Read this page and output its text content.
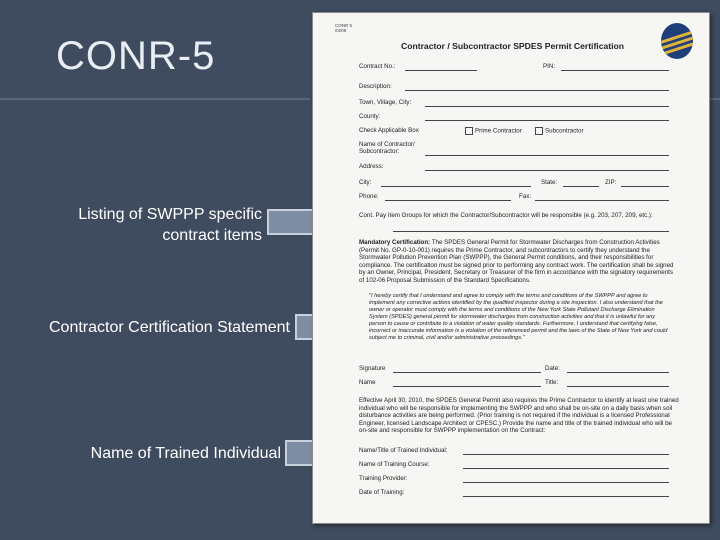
CONR-5
Listing of SWPPP specific
contract items
Contractor Certification Statement
Name of Trained Individual
CONR 5
04/09
Contractor / Subcontractor SPDES Permit Certification
Contract No.:	PIN:
Description:
Town, Village, City:
County:
Check Applicable Box	Prime Contractor	Subcontractor
Name of Contractor/
Subcontractor:
Address:
City:	State:	ZIP:
Phone:	Fax:
Cont. Pay Item Groups for which the Contractor/Subcontractor will be responsible (e.g. 203, 207, 209, etc.):
Mandatory Certification: The SPDES General Permit for Stormwater Discharges from Construction Activities (Permit No. GP-0-10-001) requires the Prime Contractor, and subcontractors to certify they understand the Stormwater Pollution Prevention Plan (SWPPP), the General Permit conditions, and their responsibilities for compliance. The certification must be signed prior to performing any contract work. The certification shall be signed by an Owner, Principal, President, Secretary or Treasurer of the firm in accordance with the signatory requirements of 102-06 Proposal Submission of the Standard Specifications.
"I hereby certify that I understand and agree to comply with the terms and conditions of the SWPPP and agree to implement any corrective actions identified by the qualified inspector during a site inspection. I also understand that the owner or operator must comply with the terms and conditions of the New York State Pollutant Discharge Elimination System (SPDES) general permit for stormwater discharges from construction activities and that it is unlawful for any person to cause or contribute to a violation of water quality standards. Furthermore, I understand that certifying false, incorrect or inaccurate information is a violation of the referenced permit and the laws of the State of New York and could subject me to criminal, civil and/or administrative proceedings."
Signature	Date:
Name	Title:
Effective April 30, 2010, the SPDES General Permit also requires the Prime Contractor to identify at least one trained individual who will be responsible for implementing the SWPPP and who shall be on-site on a daily basis when soil disturbance activities are being performed. (Prior training is not required if the individual is a licensed Professional Engineer, licensed Landscape Architect or CPESC.) Provide the name and title of the trained individual who will be on-site and responsible for SWPPP implementation on the Contract:
Name/Title of Trained Individual:
Name of Training Course:
Training Provider:
Date of Training:
